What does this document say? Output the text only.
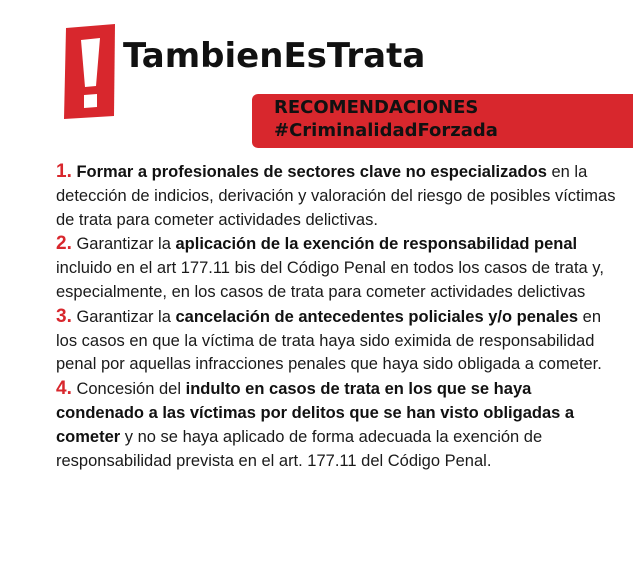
TambienEsTrata
RECOMENDACIONES
#CriminalidadForzada

1. Formar a profesionales de sectores clave no especializados en la detección de indicios, derivación y valoración del riesgo de posibles víctimas de trata para cometer actividades delictivas.

2. Garantizar la aplicación de la exención de responsabilidad penal incluido en el art 177.11 bis del Código Penal en todos los casos de trata y, especialmente, en los casos de trata para cometer actividades delictivas

3. Garantizar la cancelación de antecedentes policiales y/o penales en los casos en que la víctima de trata haya sido eximida de responsabilidad penal por aquellas infracciones penales que haya sido obligada a cometer.

4. Concesión del indulto en casos de trata en los que se haya condenado a las víctimas por delitos que se han visto obligadas a cometer y no se haya aplicado de forma adecuada la exención de responsabilidad prevista en el art. 177.11 del Código Penal.
